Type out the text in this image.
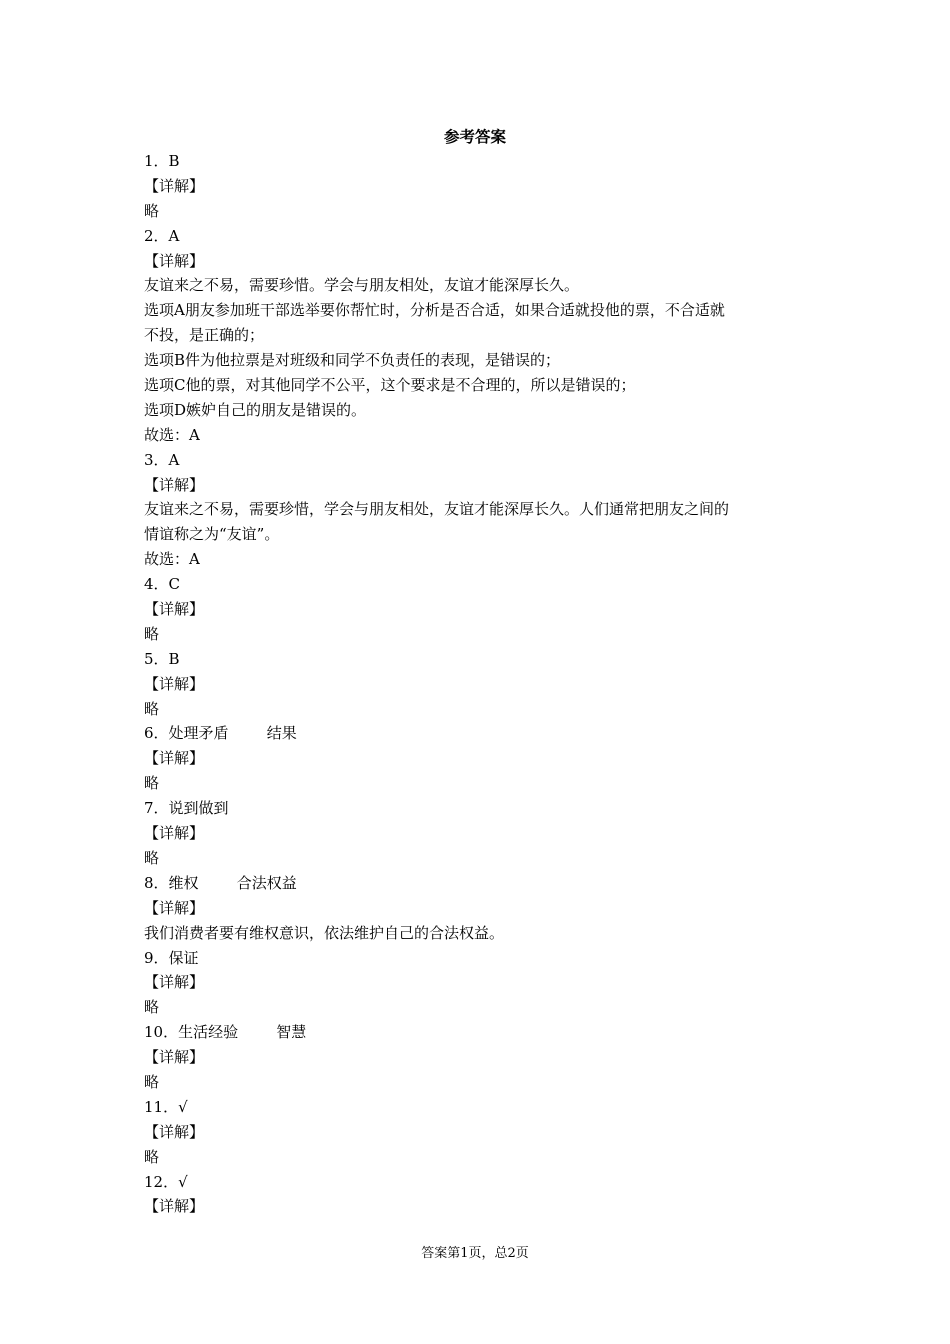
参考答案
1．B
【详解】
略
2．A
【详解】
友谊来之不易，需要珍惜。学会与朋友相处，友谊才能深厚长久。
选项A朋友参加班干部选举要你帮忙时，分析是否合适，如果合适就投他的票，不合适就
不投，是正确的；
选项B件为他拉票是对班级和同学不负责任的表现，是错误的；
选项C他的票，对其他同学不公平，这个要求是不合理的，所以是错误的；
选项D嫉妒自己的朋友是错误的。
故选：A
3．A
【详解】
友谊来之不易，需要珍惜，学会与朋友相处，友谊才能深厚长久。人们通常把朋友之间的
情谊称之为“友谊”。
故选：A
4．C
【详解】
略
5．B
【详解】
略
6．处理矛盾        结果
【详解】
略
7．说到做到
【详解】
略
8．维权        合法权益
【详解】
我们消费者要有维权意识，依法维护自己的合法权益。
9．保证
【详解】
略
10．生活经验        智慧
【详解】
略
11．√
【详解】
略
12．√
【详解】
答案第1页，总2页
